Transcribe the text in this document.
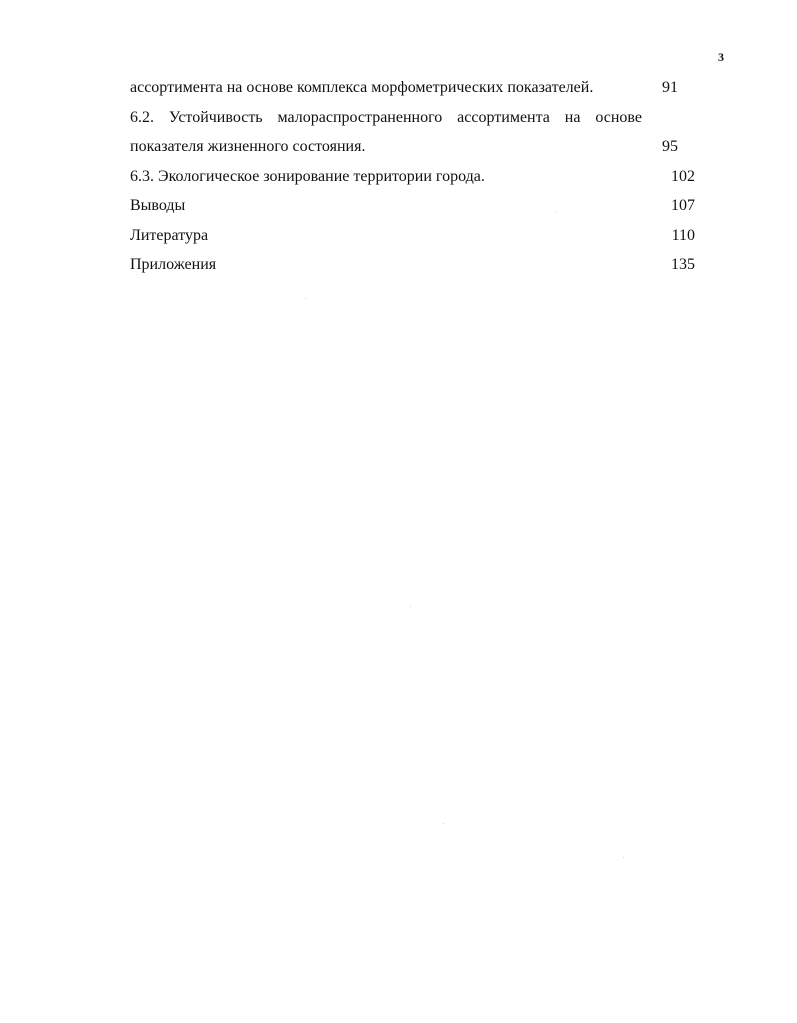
3
ассортимента на основе комплекса морфометрических показателей.	91
6.2. Устойчивость малораспространенного ассортимента на основе
показателя жизненного состояния.	95
6.3. Экологическое зонирование территории города.	102
Выводы	107
Литература	110
Приложения	135
